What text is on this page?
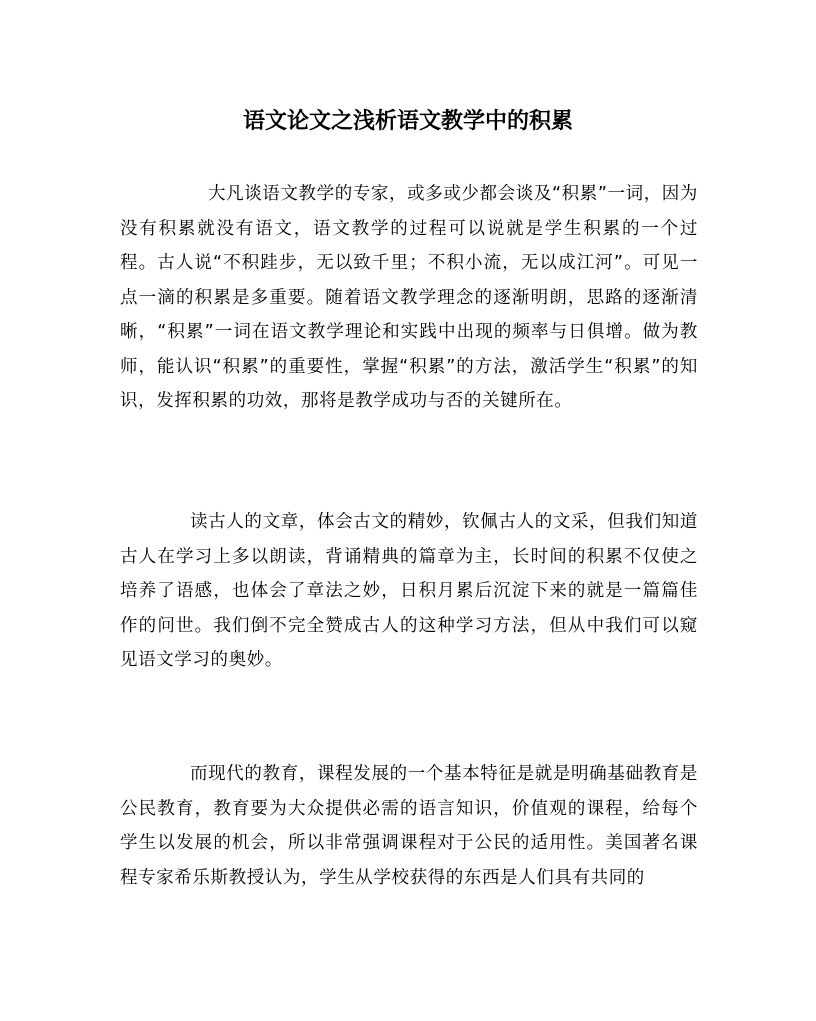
语文论文之浅析语文教学中的积累
大凡谈语文教学的专家，或多或少都会谈及“积累”一词，因为没有积累就没有语文，语文教学的过程可以说就是学生积累的一个过程。古人说“不积跬步，无以致千里；不积小流，无以成江河”。可见一点一滴的积累是多重要。随着语文教学理念的逐渐明朗，思路的逐渐清晰，“积累”一词在语文教学理论和实践中出现的频率与日俱增。做为教师，能认识“积累”的重要性，掌握“积累”的方法，激活学生“积累”的知识，发挥积累的功效，那将是教学成功与否的关键所在。
读古人的文章，体会古文的精妙，钦佩古人的文采，但我们知道古人在学习上多以朗读，背诵精典的篇章为主，长时间的积累不仅使之培养了语感，也体会了章法之妙，日积月累后沉淀下来的就是一篇篇佳作的问世。我们倒不完全赞成古人的这种学习方法，但从中我们可以窥见语文学习的奥妙。
而现代的教育，课程发展的一个基本特征是就是明确基础教育是公民教育，教育要为大众提供必需的语言知识，价值观的课程，给每个学生以发展的机会，所以非常强调课程对于公民的适用性。美国著名课程专家希乐斯教授认为，学生从学校获得的东西是人们具有共同的
